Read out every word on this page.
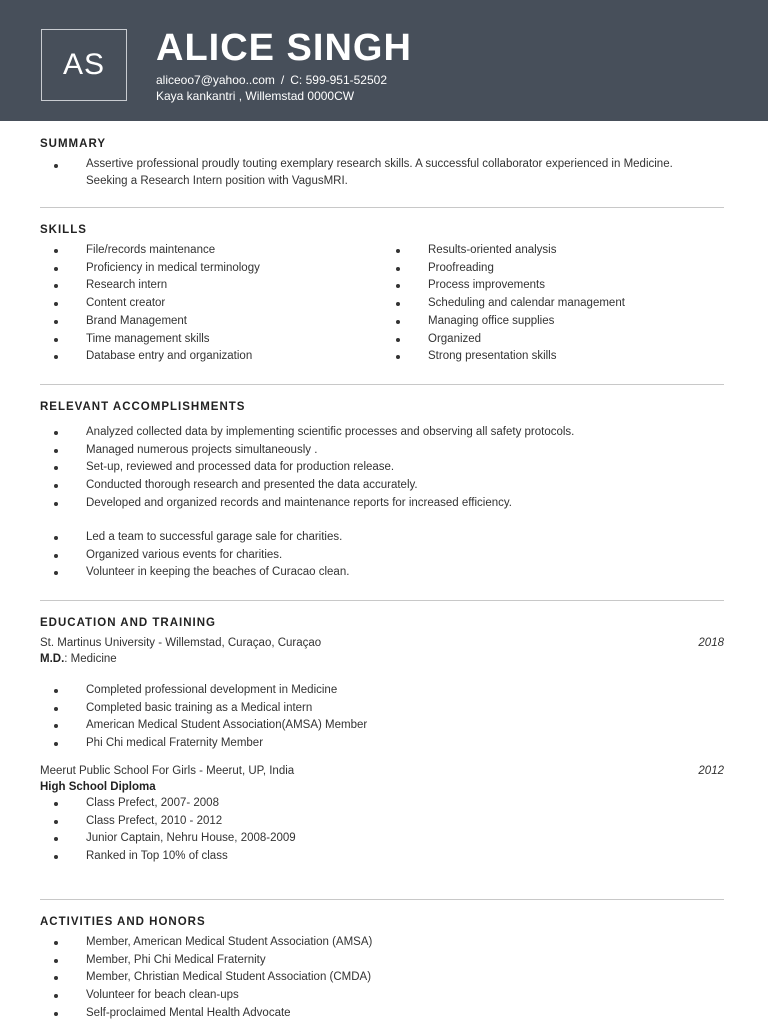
AS	ALICE SINGH
aliceoo7@yahoo..com / C: 599-951-52502
Kaya kankantri , Willemstad 0000CW
SUMMARY
Assertive professional proudly touting exemplary research skills. A successful collaborator experienced in Medicine. Seeking a Research Intern position with VagusMRI.
SKILLS
File/records maintenance
Proficiency in medical terminology
Research intern
Content creator
Brand Management
Time management skills
Database entry and organization
Results-oriented analysis
Proofreading
Process improvements
Scheduling and calendar management
Managing office supplies
Organized
Strong presentation skills
RELEVANT ACCOMPLISHMENTS
Analyzed collected data by implementing scientific processes and observing all safety protocols.
Managed numerous projects simultaneously .
Set-up, reviewed and processed data for production release.
Conducted thorough research and presented the data accurately.
Developed and organized records and maintenance reports for increased efficiency.
Led a team to successful garage sale for charities.
Organized various events for charities.
Volunteer in keeping the beaches of Curacao clean.
EDUCATION AND TRAINING
St. Martinus University - Willemstad, Curaçao, Curaçao	2018
M.D.: Medicine
Completed professional development in Medicine
Completed basic training as a Medical intern
American Medical Student Association(AMSA) Member
Phi Chi medical Fraternity Member
Meerut Public School For Girls - Meerut, UP, India	2012
High School Diploma
Class Prefect, 2007- 2008
Class Prefect, 2010 - 2012
Junior Captain, Nehru House, 2008-2009
Ranked in Top 10% of class
ACTIVITIES AND HONORS
Member, American Medical Student Association (AMSA)
Member, Phi Chi Medical Fraternity
Member, Christian Medical Student Association (CMDA)
Volunteer for beach clean-ups
Self-proclaimed Mental Health Advocate
